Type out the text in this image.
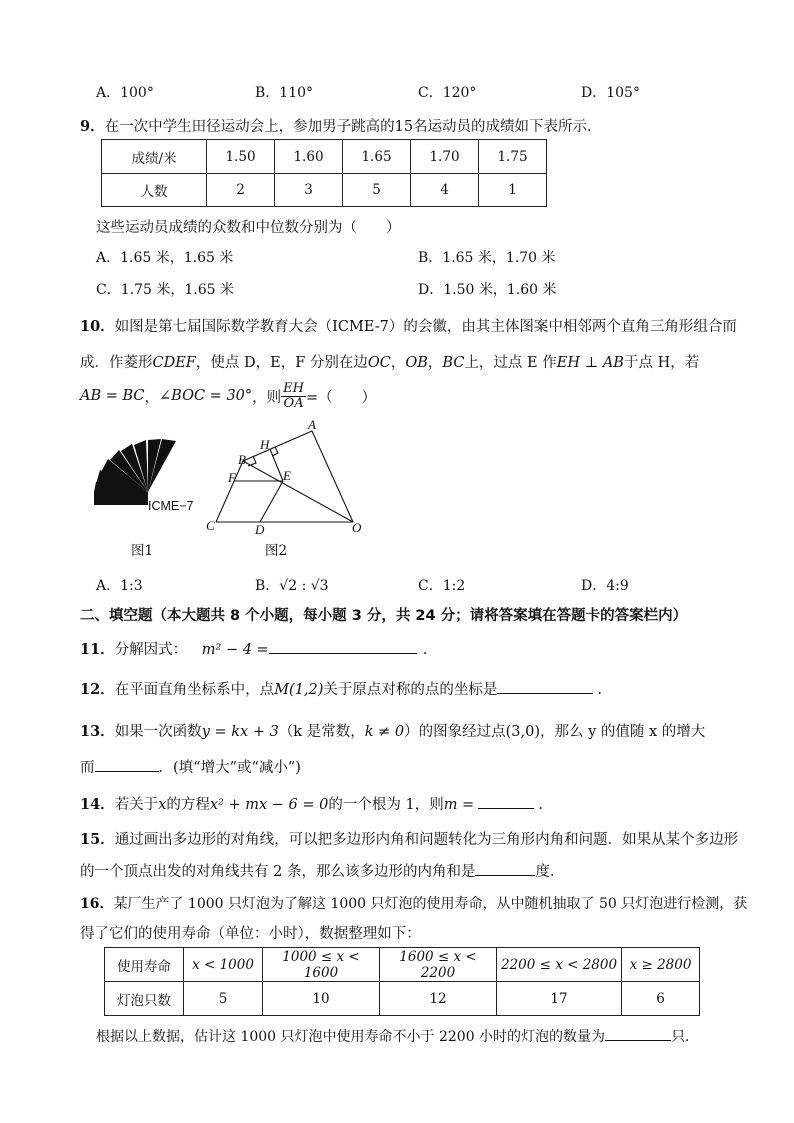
A．100°	B．110°	C．120°	D．105°
9．在一次中学生田径运动会上，参加男子跳高的15名运动员的成绩如下表所示.
成绩/米	1.50	1.60	1.65	1.70	1.75
人数	2	3	5	4	1
这些运动员成绩的众数和中位数分别为（　　）
A．1.65 米，1.65 米	B．1.65 米，1.70 米
C．1.75 米，1.65 米	D．1.50 米，1.60 米
10．如图是第七届国际数学教育大会（ICME-7）的会徽，由其主体图案中相邻两个直角三角形组合而
成．作菱形CDEF，使点 D，E，F 分别在边OC，OB，BC上，过点 E 作EH ⊥ AB于点 H，若
AB = BC ， ∠BOC = 30° ，则 $\frac{EH}{OA}$ =（　　）
ICME−7
图1
A
B
C	D
E
F
H
O
图2
A．1:3	B．√2 : √3	C．1:2	D．4:9
二、填空题（本大题共 8 个小题，每小题 3 分，共 24 分；请将答案填在答题卡的答案栏内）
11．分解因式： m² − 4 =	.
12．在平面直角坐标系中，点M(1,2)关于原点对称的点的坐标是	.
13．如果一次函数y = kx + 3（k 是常数，k ≠ 0）的图象经过点(3,0)，那么 y 的值随 x 的增大
而	．(填“增大”或“减小”)
14．若关于x的方程x² + mx − 6 = 0的一个根为 1，则m =	.
15．通过画出多边形的对角线，可以把多边形内角和问题转化为三角形内角和问题．如果从某个多边形
的一个顶点出发的对角线共有 2 条，那么该多边形的内角和是	度．
16．某厂生产了 1000 只灯泡为了解这 1000 只灯泡的使用寿命，从中随机抽取了 50 只灯泡进行检测，获
得了它们的使用寿命（单位：小时），数据整理如下：
使用寿命	x < 1000	1000 ≤ x < 1600	1600 ≤ x < 2200	2200 ≤ x < 2800	x ≥ 2800
灯泡只数	5	10	12	17	6
根据以上数据，估计这 1000 只灯泡中使用寿命不小于 2200 小时的灯泡的数量为	只．
